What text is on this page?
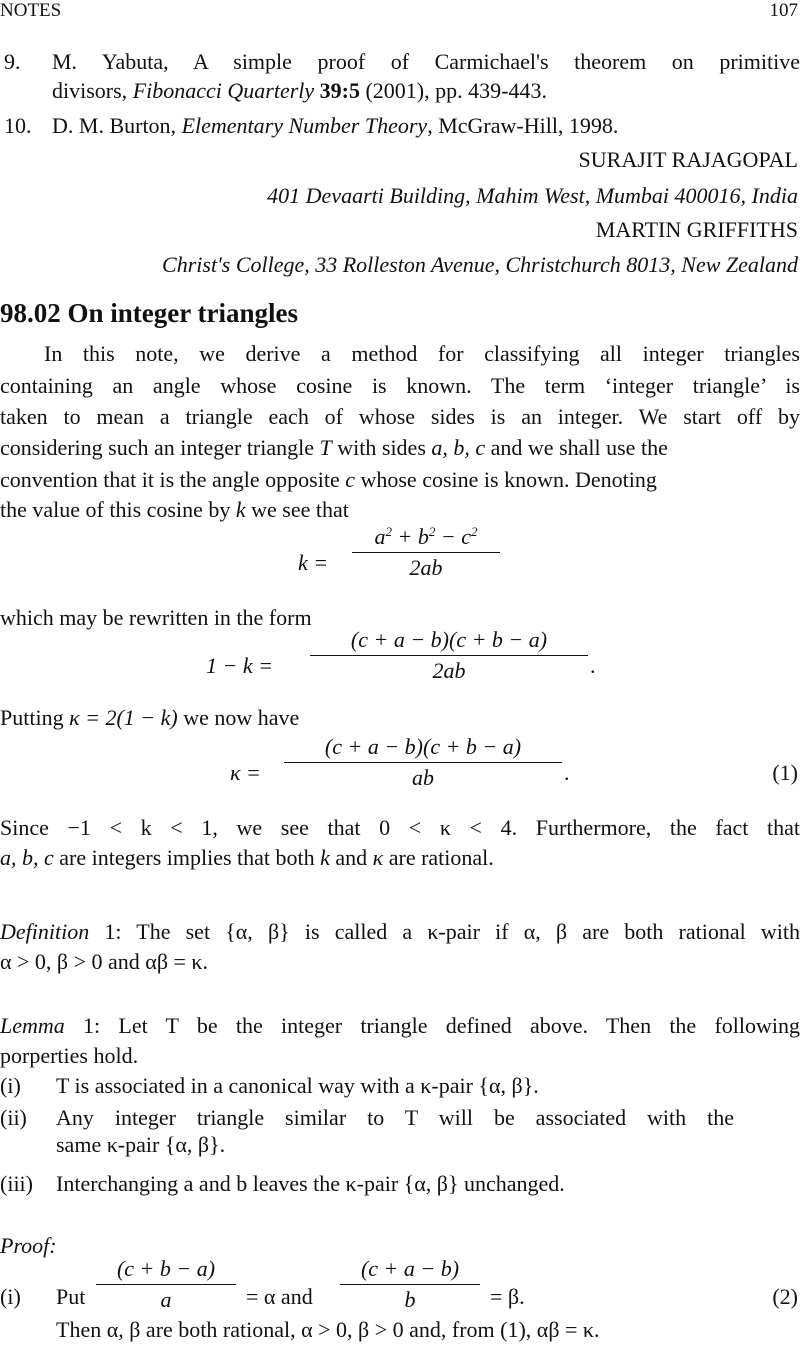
NOTES	107
9. M. Yabuta, A simple proof of Carmichael's theorem on primitive
divisors, Fibonacci Quarterly 39:5 (2001), pp. 439-443.
10. D. M. Burton, Elementary Number Theory, McGraw-Hill, 1998.
SURAJIT RAJAGOPAL
401 Devaarti Building, Mahim West, Mumbai 400016, India
MARTIN GRIFFITHS
Christ's College, 33 Rolleston Avenue, Christchurch 8013, New Zealand
98.02 On integer triangles
In this note, we derive a method for classifying all integer triangles
containing an angle whose cosine is known. The term ‘integer triangle’ is
taken to mean a triangle each of whose sides is an integer. We start off by
considering such an integer triangle T with sides a, b, c and we shall use the
convention that it is the angle opposite c whose cosine is known. Denoting
the value of this cosine by k we see that
$k = \frac{a^2 + b^2 - c^2}{2ab}$
which may be rewritten in the form
$1 - k = \frac{(c + a - b)(c + b - a)}{2ab}$ .
Putting κ = 2(1 − k) we now have
$\kappa = \frac{(c + a - b)(c + b - a)}{ab}$ .	(1)
Since −1 < k < 1, we see that 0 < κ < 4. Furthermore, the fact that
a, b, c are integers implies that both k and κ are rational.
Definition 1: The set {α, β} is called a κ-pair if α, β are both rational with
α > 0, β > 0 and αβ = κ.
Lemma 1: Let T be the integer triangle defined above. Then the following
porperties hold.
(i) T is associated in a canonical way with a κ-pair {α, β}.
(ii) Any integer triangle similar to T will be associated with the
same κ-pair {α, β}.
(iii) Interchanging a and b leaves the κ-pair {α, β} unchanged.
Proof:
(i) Put $\frac{(c + b - a)}{a} = \alpha$ and $\frac{(c + a - b)}{b} = \beta$.	(2)
Then α, β are both rational, α > 0, β > 0 and, from (1), αβ = κ.
